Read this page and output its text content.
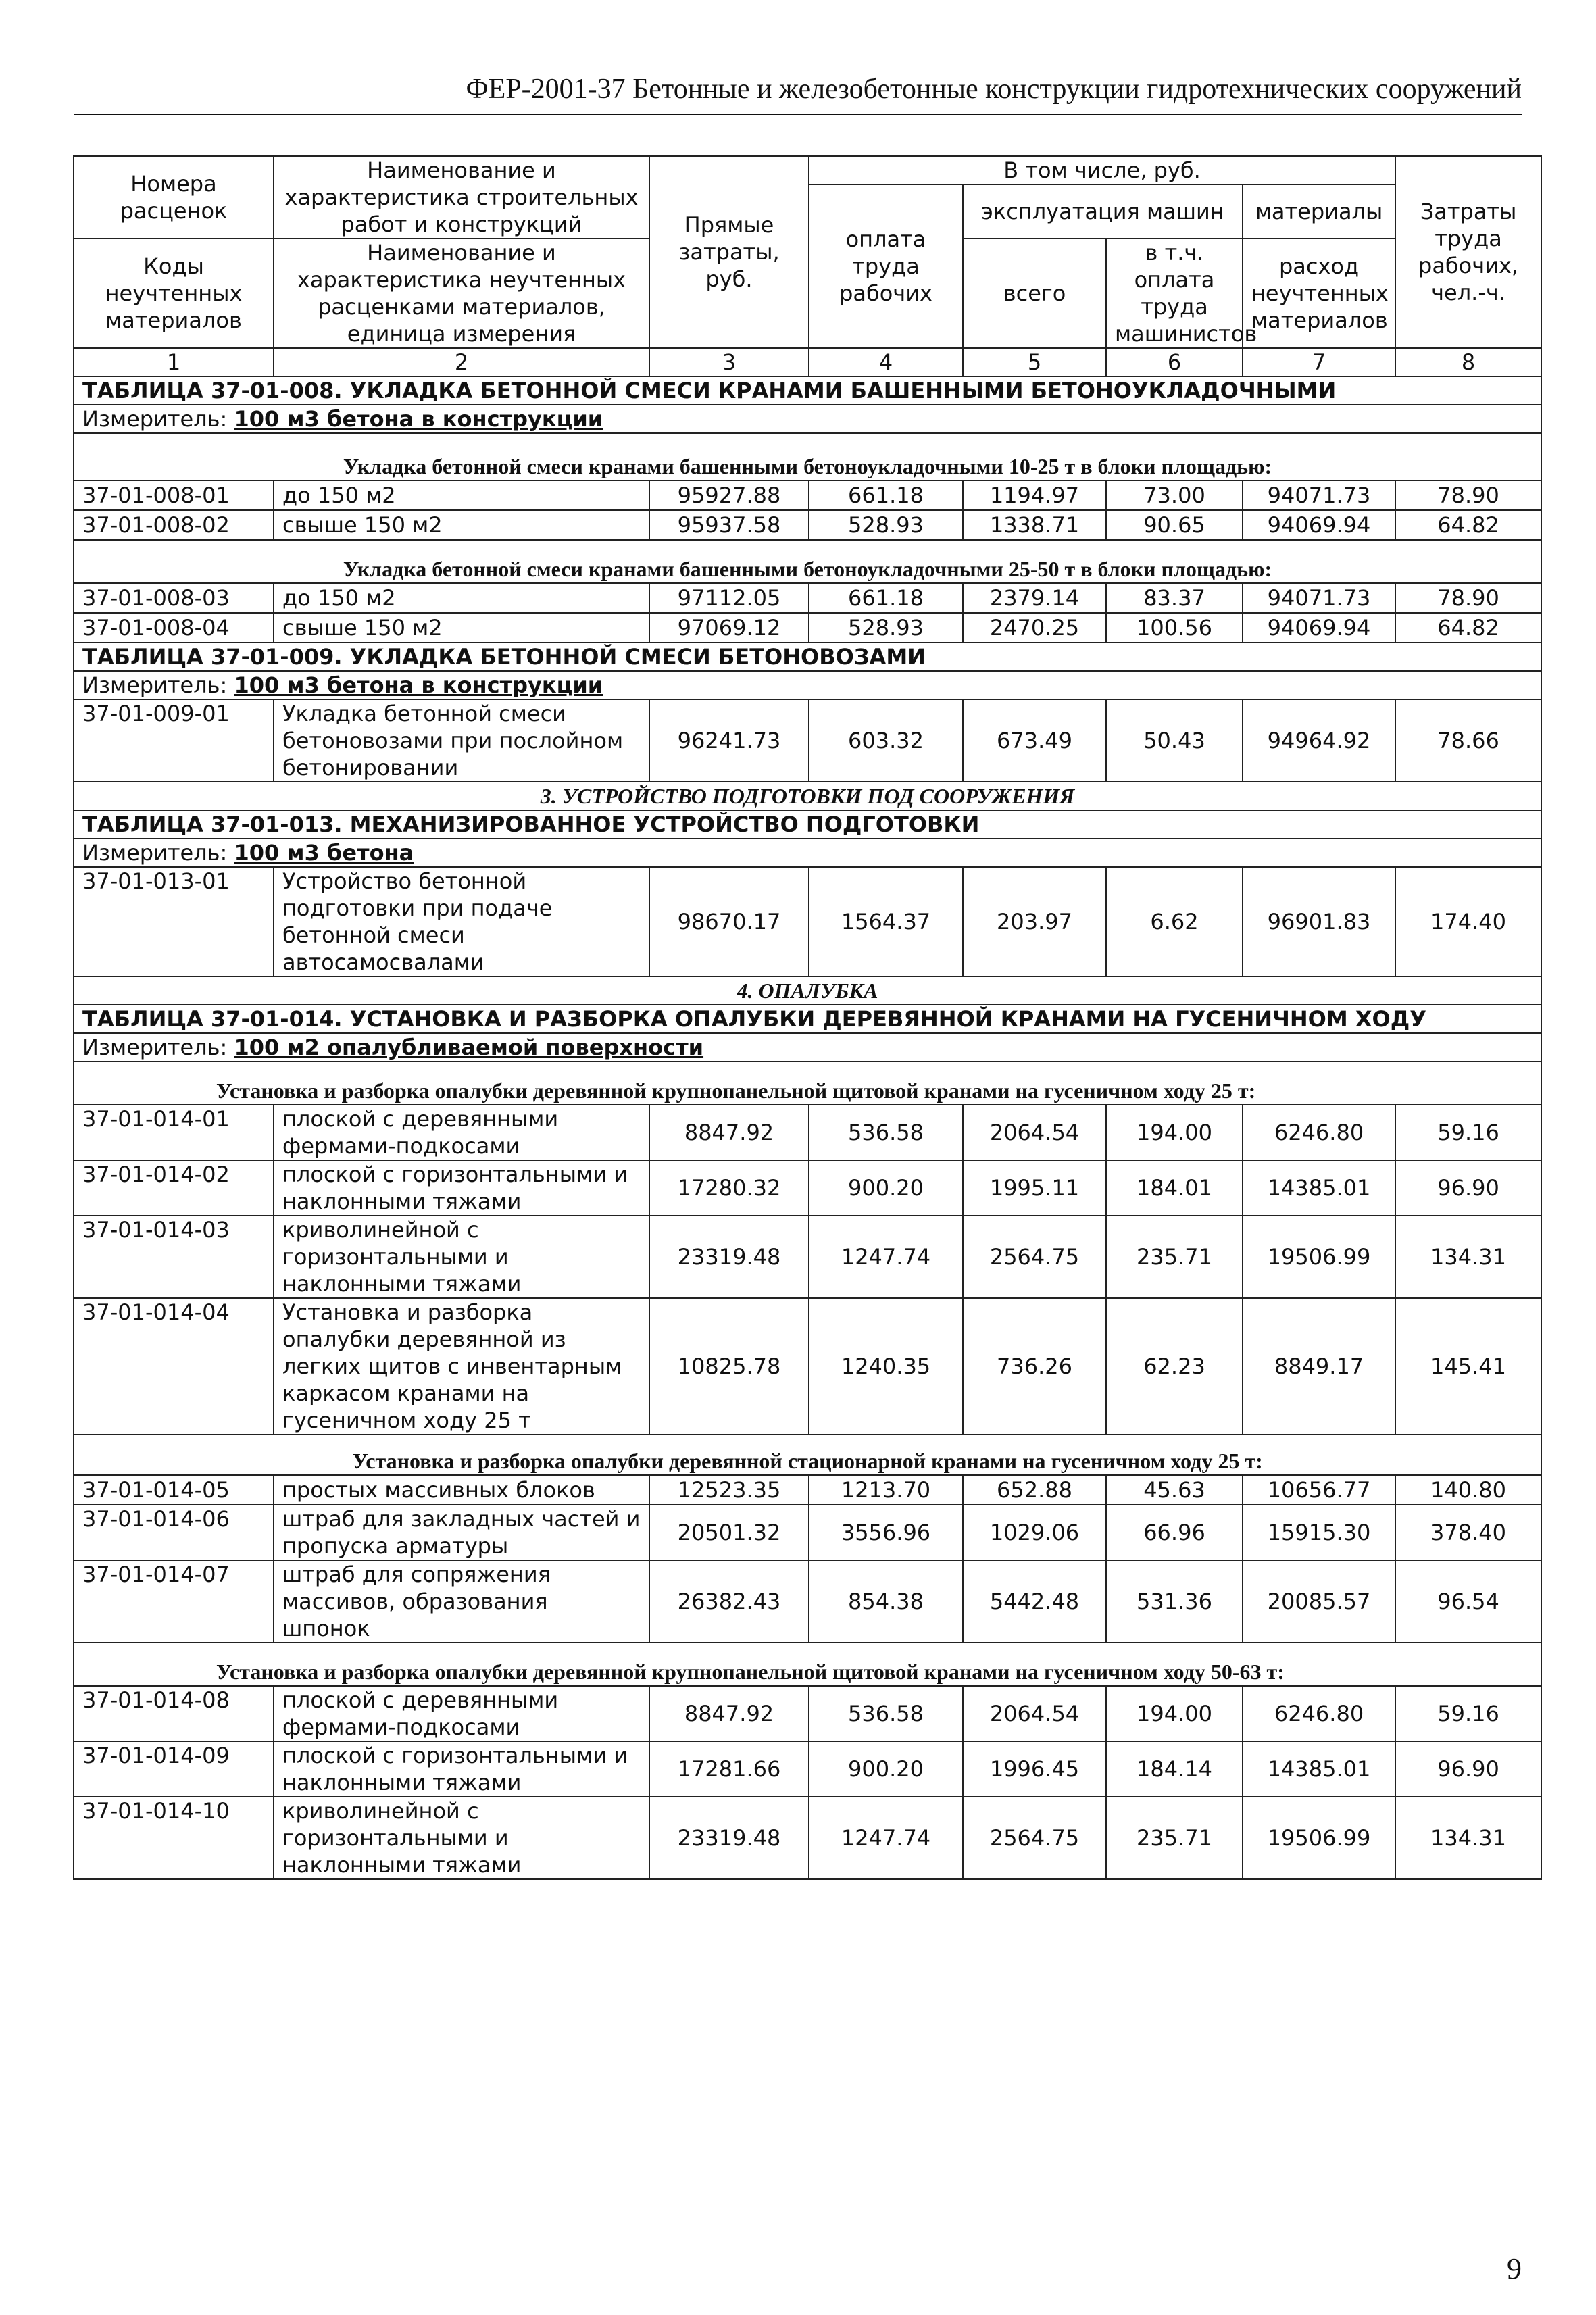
ФЕР-2001-37 Бетонные и железобетонные конструкции гидротехнических сооружений
Номера расценок	Наименование и характеристика строительных работ и конструкций	Прямые затраты, руб.	В том числе, руб.				Затраты труда рабочих, чел.-ч.
			оплата труда рабочих	эксплуатация машин		материалы	
Коды неучтенных материалов	Наименование и характеристика неучтенных расценками материалов, единица измерения			всего	в т.ч. оплата труда машинистов	расход неучтенных материалов	

1	2	3	4	5	6	7	8
ТАБЛИЦА 37-01-008. УКЛАДКА БЕТОННОЙ СМЕСИ КРАНАМИ БАШЕННЫМИ БЕТОНОУКЛАДОЧНЫМИ							
Измеритель: 100 м3 бетона в конструкции							
Укладка бетонной смеси кранами башенными бетоноукладочными 10-25 т в блоки площадью:							
37-01-008-01	до 150 м2	95927.88	661.18	1194.97	73.00	94071.73	78.90
37-01-008-02	свыше 150 м2	95937.58	528.93	1338.71	90.65	94069.94	64.82
Укладка бетонной смеси кранами башенными бетоноукладочными 25-50 т в блоки площадью:							
37-01-008-03	до 150 м2	97112.05	661.18	2379.14	83.37	94071.73	78.90
37-01-008-04	свыше 150 м2	97069.12	528.93	2470.25	100.56	94069.94	64.82
ТАБЛИЦА 37-01-009. УКЛАДКА БЕТОННОЙ СМЕСИ БЕТОНОВОЗАМИ							
Измеритель: 100 м3 бетона в конструкции							
37-01-009-01	Укладка бетонной смеси бетоновозами при послойном бетонировании	96241.73	603.32	673.49	50.43	94964.92	78.66
3. УСТРОЙСТВО ПОДГОТОВКИ ПОД СООРУЖЕНИЯ							
ТАБЛИЦА 37-01-013. МЕХАНИЗИРОВАННОЕ УСТРОЙСТВО ПОДГОТОВКИ							
Измеритель: 100 м3 бетона							
37-01-013-01	Устройство бетонной подготовки при подаче бетонной смеси автосамосвалами	98670.17	1564.37	203.97	6.62	96901.83	174.40
4. ОПАЛУБКА							
ТАБЛИЦА 37-01-014. УСТАНОВКА И РАЗБОРКА ОПАЛУБКИ ДЕРЕВЯННОЙ КРАНАМИ НА ГУСЕНИЧНОМ ХОДУ							
Измеритель: 100 м2 опалубливаемой поверхности							
Установка и разборка опалубки деревянной крупнопанельной щитовой кранами на гусеничном ходу 25 т:							
37-01-014-01	плоской с деревянными фермами-подкосами	8847.92	536.58	2064.54	194.00	6246.80	59.16
37-01-014-02	плоской с горизонтальными и наклонными тяжами	17280.32	900.20	1995.11	184.01	14385.01	96.90
37-01-014-03	криволинейной с горизонтальными и наклонными тяжами	23319.48	1247.74	2564.75	235.71	19506.99	134.31
37-01-014-04	Установка и разборка опалубки деревянной из легких щитов с инвентарным каркасом кранами на гусеничном ходу 25 т	10825.78	1240.35	736.26	62.23	8849.17	145.41
Установка и разборка опалубки деревянной стационарной кранами на гусеничном ходу 25 т:							
37-01-014-05	простых массивных блоков	12523.35	1213.70	652.88	45.63	10656.77	140.80
37-01-014-06	штраб для закладных частей и пропуска арматуры	20501.32	3556.96	1029.06	66.96	15915.30	378.40
37-01-014-07	штраб для сопряжения массивов, образования шпонок	26382.43	854.38	5442.48	531.36	20085.57	96.54
Установка и разборка опалубки деревянной крупнопанельной щитовой кранами на гусеничном ходу 50-63 т:							
37-01-014-08	плоской с деревянными фермами-подкосами	8847.92	536.58	2064.54	194.00	6246.80	59.16
37-01-014-09	плоской с горизонтальными и наклонными тяжами	17281.66	900.20	1996.45	184.14	14385.01	96.90
37-01-014-10	криволинейной с горизонтальными и наклонными тяжами	23319.48	1247.74	2564.75	235.71	19506.99	134.31
9
